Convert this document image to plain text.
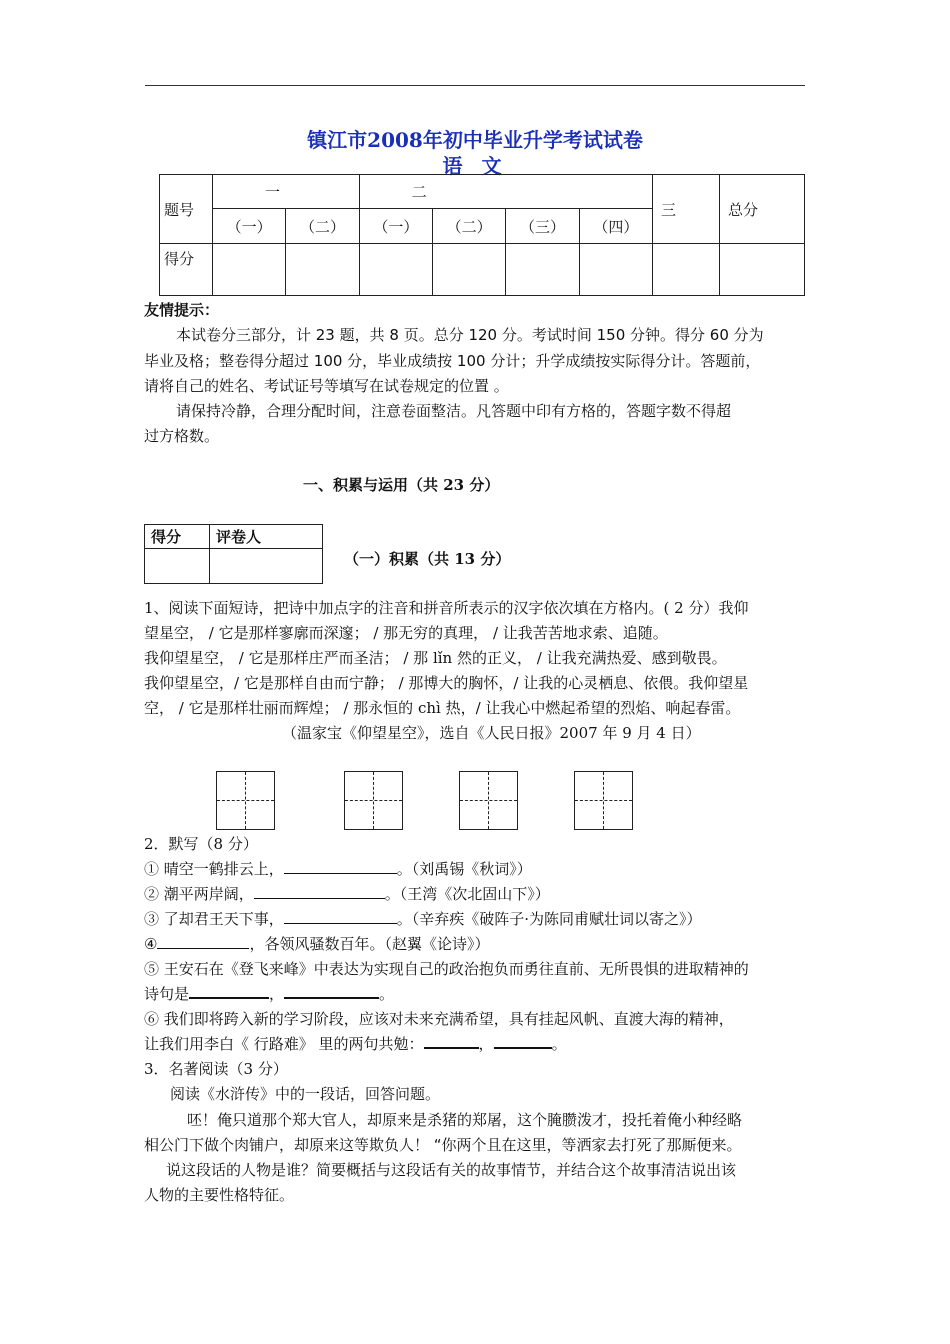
镇江市2008年初中毕业升学考试试卷
语 文
题号	一		二				三	总分
	（一）	（二）	（一）	（二）	（三）	（四）		
得分								
友情提示：
本试卷分三部分，计 23 题，共 8 页。总分 120 分。考试时间 150 分钟。得分 60 分为
毕业及格；整卷得分超过 100 分，毕业成绩按 100 分计；升学成绩按实际得分计。答题前，
请将自己的姓名、考试证号等填写在试卷规定的位置 。
请保持冷静，合理分配时间，注意卷面整洁。凡答题中印有方格的，答题字数不得超
过方格数。
一、积累与运用（共 23 分）
得分	评卷人

（一）积累（共 13 分）
1、阅读下面短诗，把诗中加点字的注音和拼音所表示的汉字依次填在方格内。( 2 分）我仰
望星空， / 它是那样寥廓而深邃； / 那无穷的真理， / 让我苦苦地求索、追随。
我仰望星空， / 它是那样庄严而圣洁； / 那 lǐn 然的正义， / 让我充满热爱、感到敬畏。
我仰望星空，/ 它是那样自由而宁静； / 那博大的胸怀，/ 让我的心灵栖息、依偎。我仰望星
空， / 它是那样壮丽而辉煌； / 那永恒的 chì 热，/ 让我心中燃起希望的烈焰、响起春雷。
（温家宝《仰望星空》，选自《人民日报》2007 年 9 月 4 日）
2．默写（8 分）
① 晴空一鹤排云上，	。（刘禹锡《秋词》）
② 潮平两岸阔，	。（王湾《次北固山下》）
③ 了却君王天下事，	。（辛弃疾《破阵子·为陈同甫赋壮词以寄之》）
④	，各领风骚数百年。（赵翼《论诗》）
⑤ 王安石在《登飞来峰》中表达为实现自己的政治抱负而勇往直前、无所畏惧的进取精神的
诗句是	，	。
⑥ 我们即将跨入新的学习阶段，应该对未来充满希望，具有挂起风帆、直渡大海的精神，
让我们用李白《 行路难》 里的两句共勉：	，	。
3．名著阅读（3 分）
阅读《水浒传》中的一段话，回答问题。
呸！俺只道那个郑大官人，却原来是杀猪的郑屠，这个腌臜泼才，投托着俺小种经略
相公门下做个肉铺户，却原来这等欺负人！ “你两个且在这里，等洒家去打死了那厮便来。
说这段话的人物是谁？简要概括与这段话有关的故事情节，并结合这个故事清洁说出该
人物的主要性格特征。
